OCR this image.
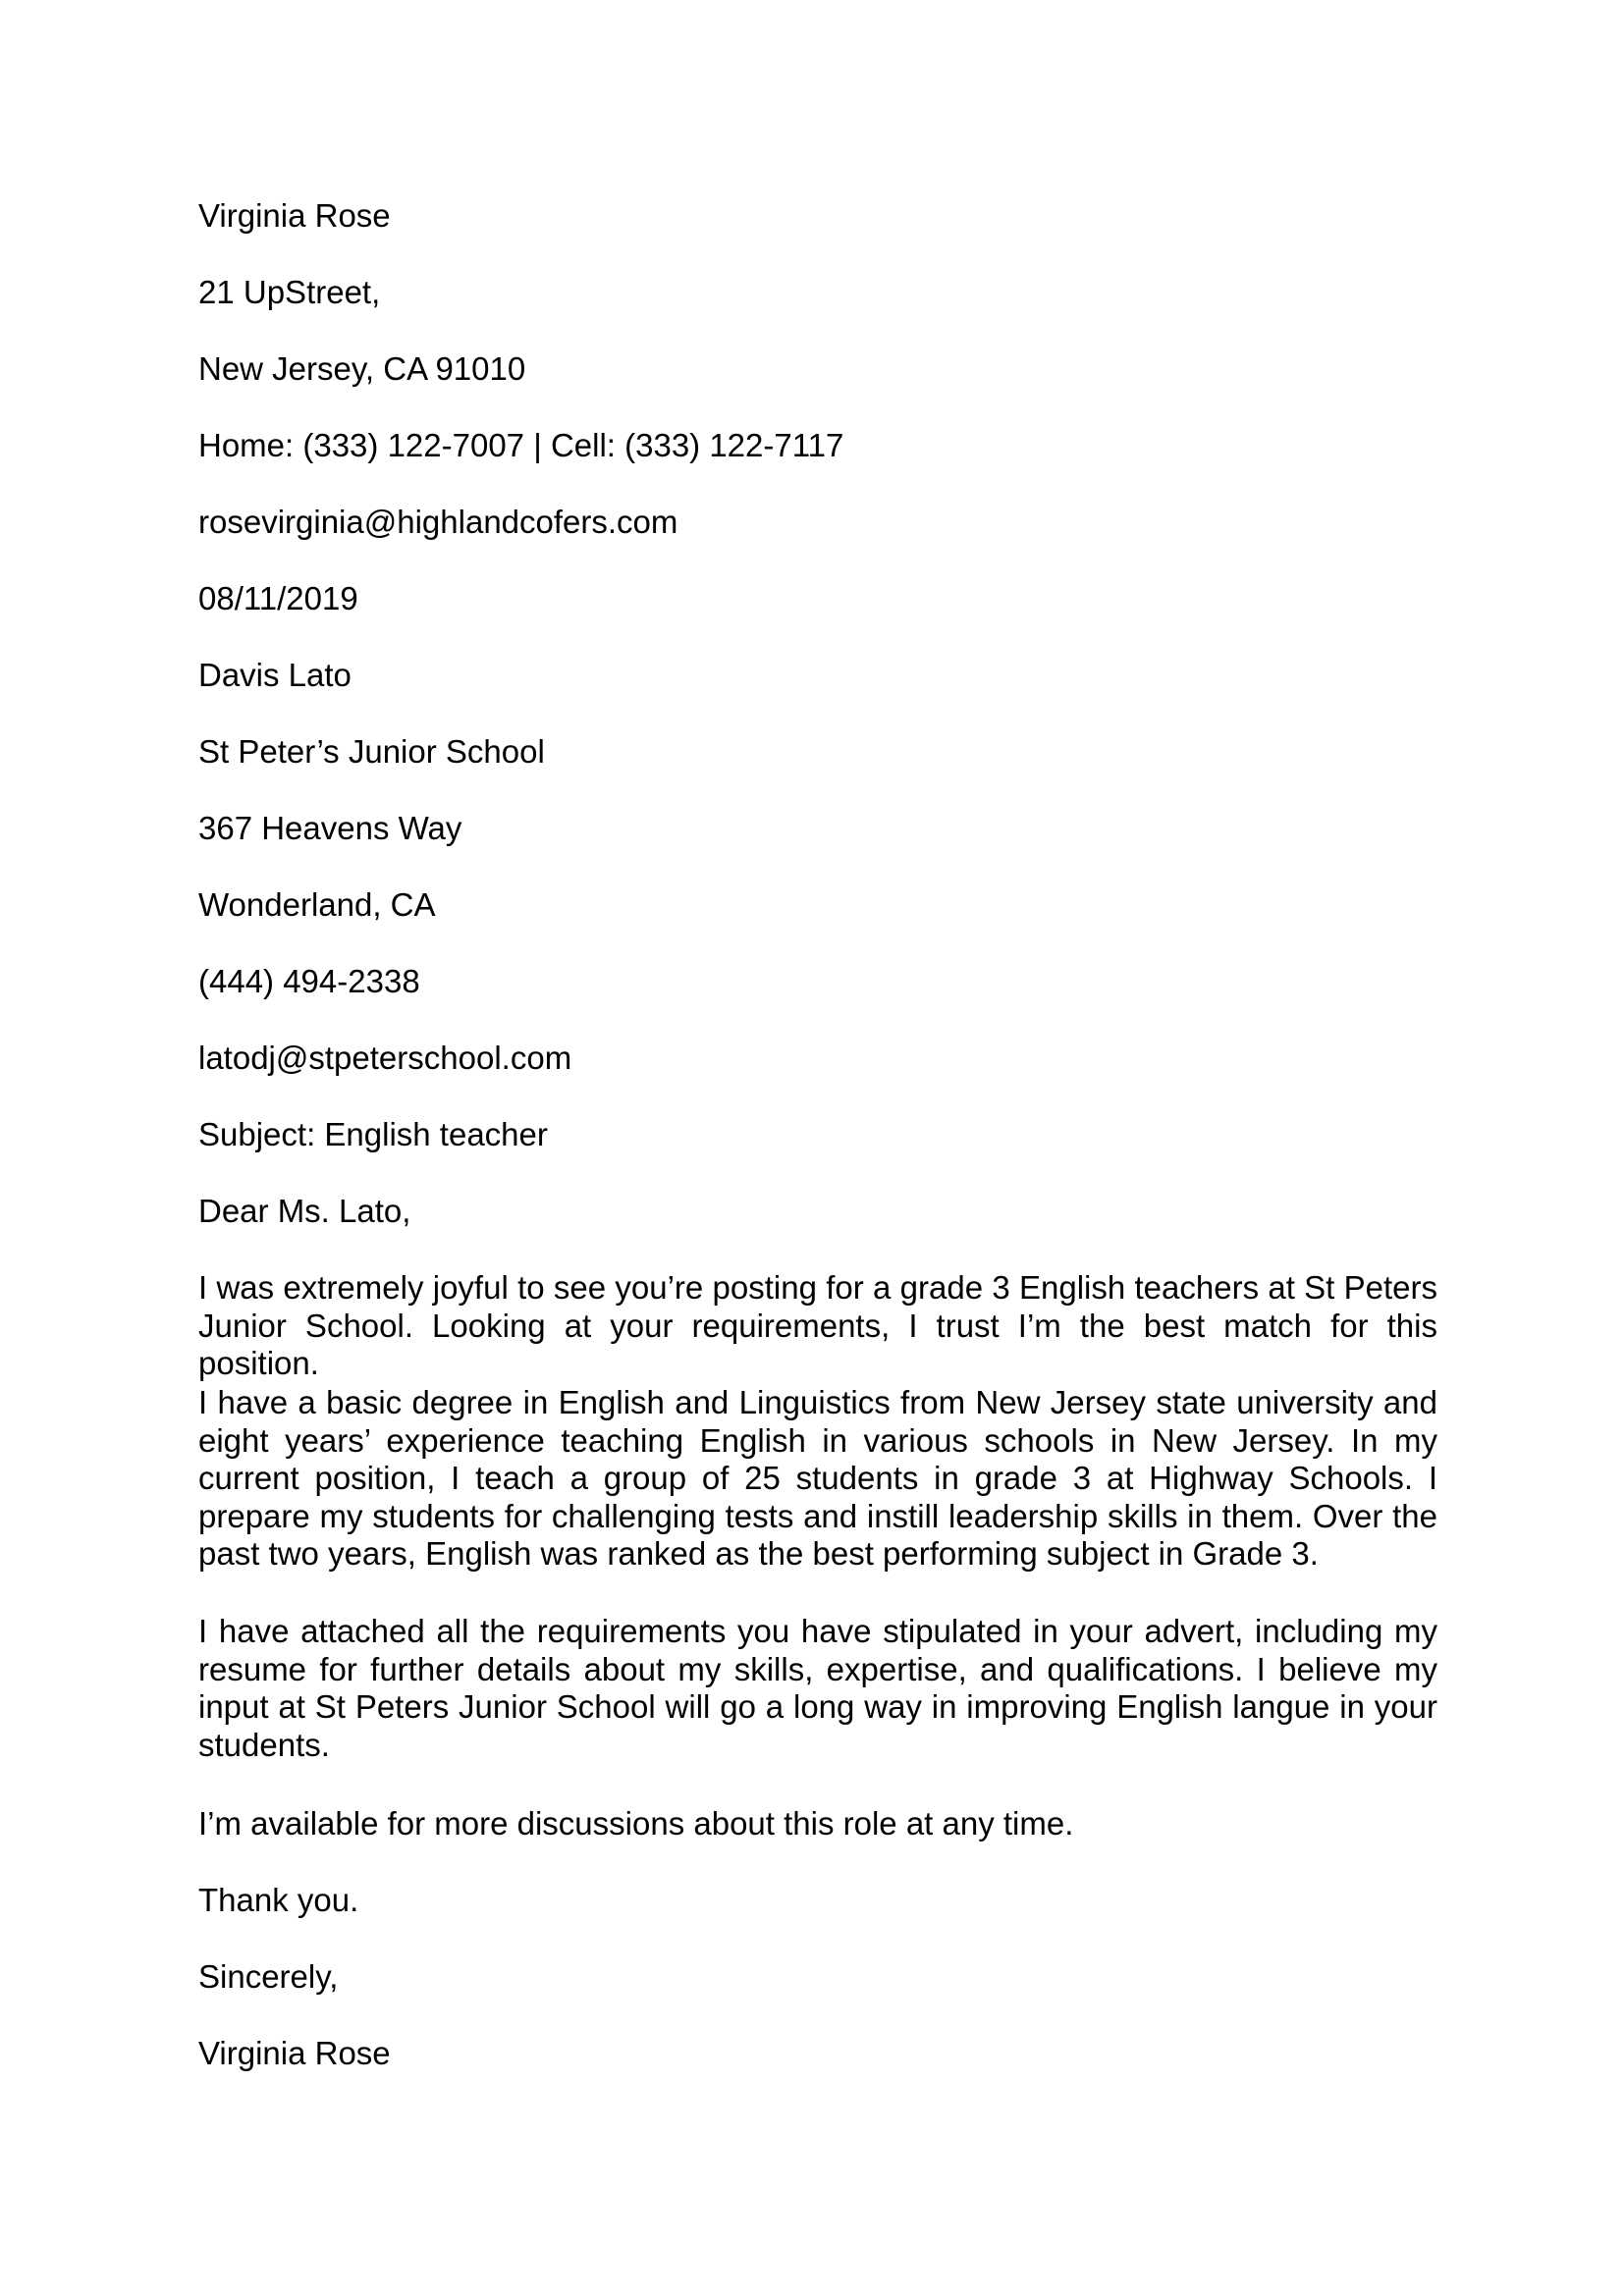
Virginia Rose
21 UpStreet,
New Jersey, CA 91010
Home: (333) 122-7007 | Cell: (333) 122-7117
rosevirginia@highlandcofers.com
08/11/2019
Davis Lato
St Peter’s Junior School
367 Heavens Way
Wonderland, CA
(444) 494-2338
latodj@stpeterschool.com
Subject: English teacher
Dear Ms. Lato,
I was extremely joyful to see you’re posting for a grade 3 English teachers at St Peters Junior School. Looking at your requirements, I trust I’m the best match for this position.
I have a basic degree in English and Linguistics from New Jersey state university and eight years’ experience teaching English in various schools in New Jersey. In my current position, I teach a group of 25 students in grade 3 at Highway Schools. I prepare my students for challenging tests and instill leadership skills in them. Over the past two years, English was ranked as the best performing subject in Grade 3.
I have attached all the requirements you have stipulated in your advert, including my resume for further details about my skills, expertise, and qualifications. I believe my input at St Peters Junior School will go a long way in improving English langue in your students.
I’m available for more discussions about this role at any time.
Thank you.
Sincerely,
Virginia Rose
